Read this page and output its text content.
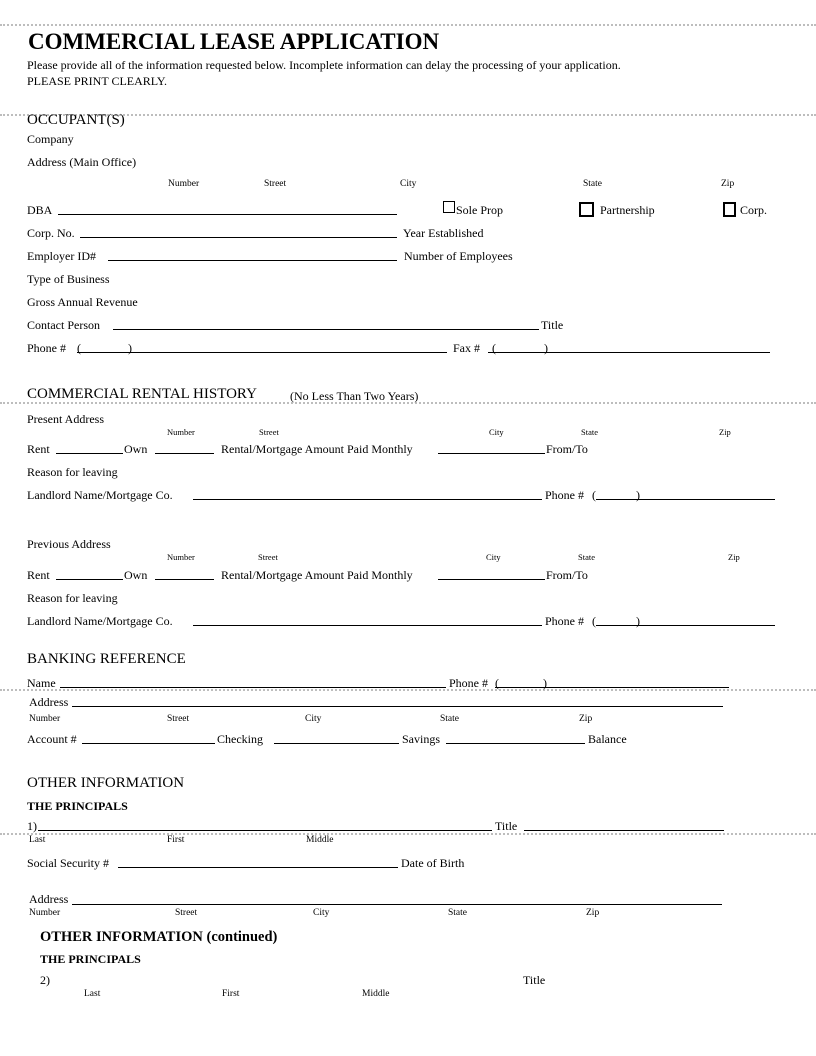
COMMERCIAL LEASE APPLICATION
Please provide all of the information requested below. Incomplete information can delay the processing of your application.
PLEASE PRINT CLEARLY.
OCCUPANT(S)
Company
Address (Main Office)
Number	Street	City	State	Zip
DBA	Sole Prop	Partnership	Corp.
Corp. No.	Year Established
Employer ID#	Number of Employees
Type of Business
Gross Annual Revenue
Contact Person	Title
Phone # (	)	Fax # (	)
COMMERCIAL RENTAL HISTORY	(No Less Than Two Years)
Present Address
Number	Street	City	State	Zip
Rent	Own	Rental/Mortgage Amount Paid Monthly	From/To
Reason for leaving
Landlord Name/Mortgage Co.	Phone # (	)
Previous Address
Number	Street	City	State	Zip
Rent	Own	Rental/Mortgage Amount Paid Monthly	From/To
Reason for leaving
Landlord Name/Mortgage Co.	Phone # (	)
BANKING REFERENCE
Name	Phone # (	)
Address
Number	Street	City	State	Zip
Account #	Checking	Savings	Balance
OTHER INFORMATION
THE PRINCIPALS
1)	Title
Last	First	Middle
Social Security #	Date of Birth
Address
Number	Street	City	State	Zip
OTHER INFORMATION (continued)
THE PRINCIPALS
2)	Title
Last	First	Middle
